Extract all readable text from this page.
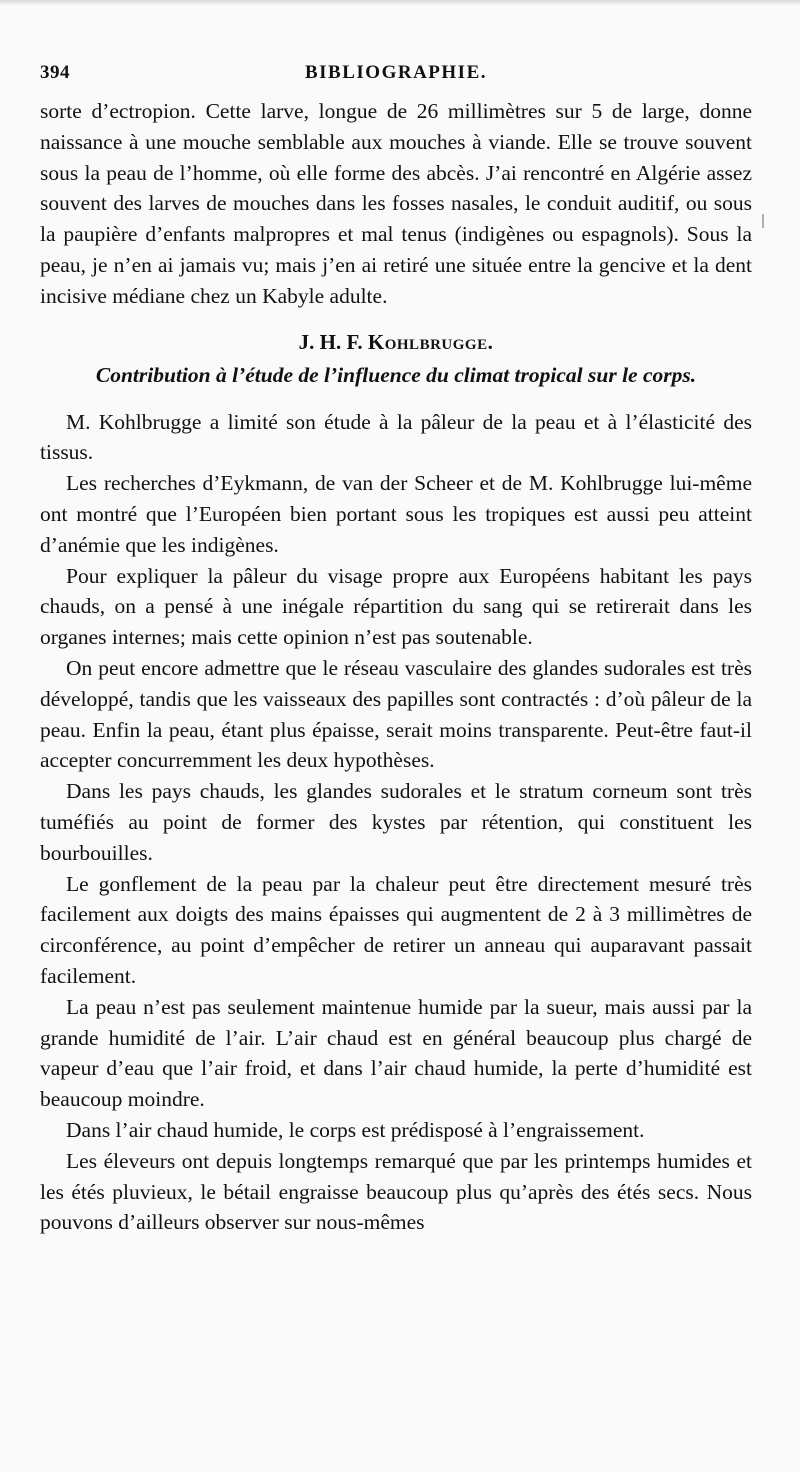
394	BIBLIOGRAPHIE.

sorte d’ectropion. Cette larve, longue de 26 millimètres sur 5 de large, donne naissance à une mouche semblable aux mouches à viande. Elle se trouve souvent sous la peau de l’homme, où elle forme des abcès. J’ai rencontré en Algérie assez souvent des larves de mouches dans les fosses nasales, le conduit auditif, ou sous la paupière d’enfants malpropres et mal tenus (indigènes ou espagnols). Sous la peau, je n’en ai jamais vu; mais j’en ai retiré une située entre la gencive et la dent incisive médiane chez un Kabyle adulte.

J. H. F. Kohlbrugge.
Contribution à l’étude de l’influence du climat tropical sur le corps.

M. Kohlbrugge a limité son étude à la pâleur de la peau et à l’élasticité des tissus.

Les recherches d’Eykmann, de van der Scheer et de M. Kohlbrugge lui-même ont montré que l’Européen bien portant sous les tropiques est aussi peu atteint d’anémie que les indigènes.

Pour expliquer la pâleur du visage propre aux Européens habitant les pays chauds, on a pensé à une inégale répartition du sang qui se retirerait dans les organes internes; mais cette opinion n’est pas soutenable.

On peut encore admettre que le réseau vasculaire des glandes sudorales est très développé, tandis que les vaisseaux des papilles sont contractés : d’où pâleur de la peau. Enfin la peau, étant plus épaisse, serait moins transparente. Peut-être faut-il accepter concurremment les deux hypothèses.

Dans les pays chauds, les glandes sudorales et le stratum corneum sont très tuméfiés au point de former des kystes par rétention, qui constituent les bourbouilles.

Le gonflement de la peau par la chaleur peut être directement mesuré très facilement aux doigts des mains épaisses qui augmentent de 2 à 3 millimètres de circonférence, au point d’empêcher de retirer un anneau qui auparavant passait facilement.

La peau n’est pas seulement maintenue humide par la sueur, mais aussi par la grande humidité de l’air. L’air chaud est en général beaucoup plus chargé de vapeur d’eau que l’air froid, et dans l’air chaud humide, la perte d’humidité est beaucoup moindre.

Dans l’air chaud humide, le corps est prédisposé à l’engraissement.

Les éleveurs ont depuis longtemps remarqué que par les printemps humides et les étés pluvieux, le bétail engraisse beaucoup plus qu’après des étés secs. Nous pouvons d’ailleurs observer sur nous-mêmes
